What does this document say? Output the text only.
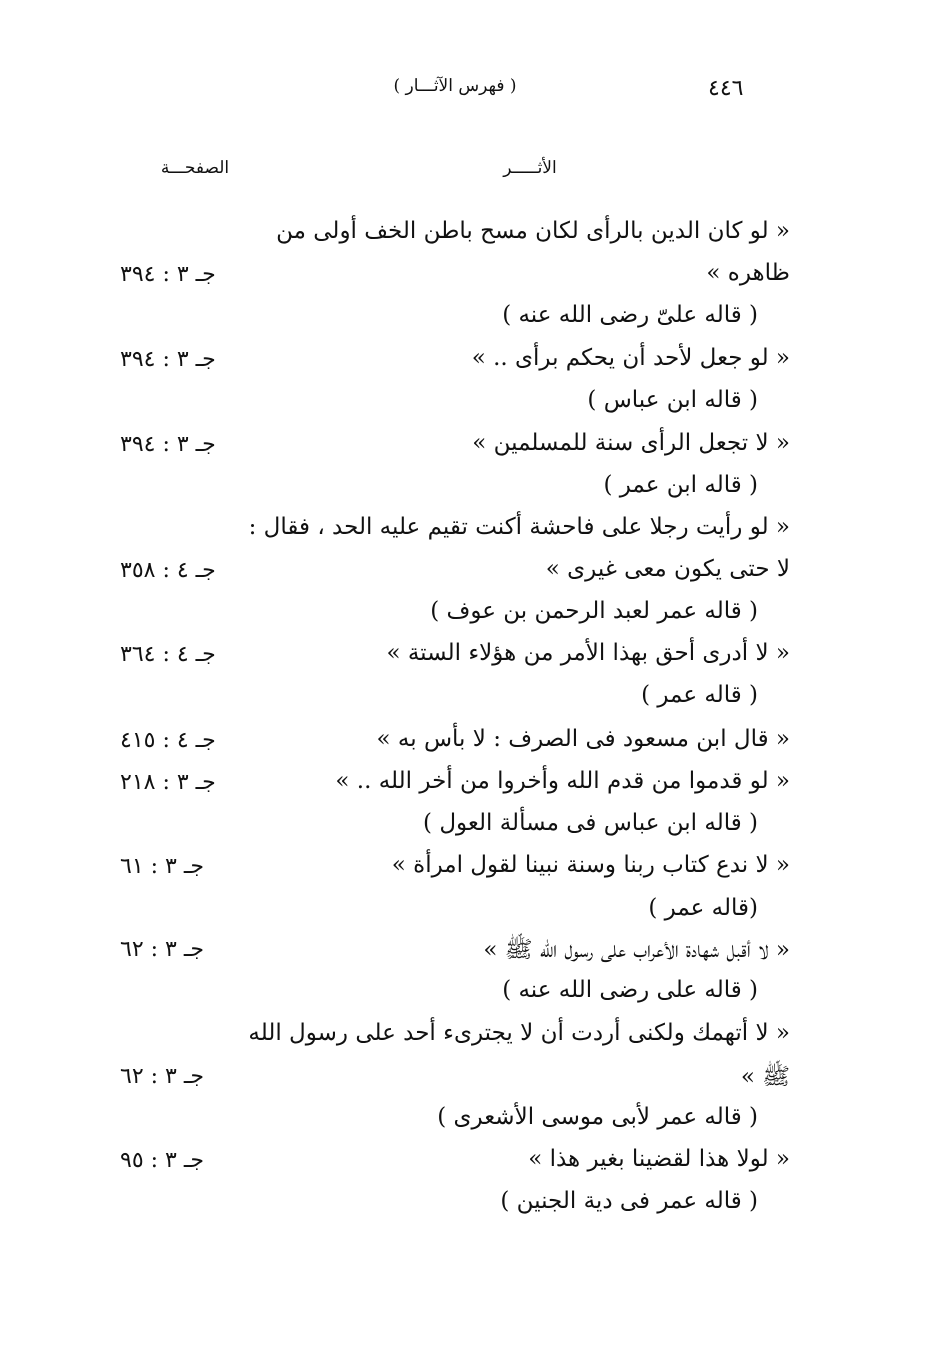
٤٤٦
( فهرس الآثـــار )
الأثـــــر
الصفحـــة
« لو كان الدين بالرأى لكان مسح باطن الخف أولى من
ظاهره »
جـ ٣ : ٣٩٤
( قاله علىّ رضى الله عنه )
« لو جعل لأحد أن يحكم برأى .. »
جـ ٣ : ٣٩٤
( قاله ابن عباس )
« لا تجعل الرأى سنة للمسلمين »
جـ ٣ : ٣٩٤
( قاله ابن عمر )
« لو رأيت رجلا على فاحشة أكنت تقيم عليه الحد ، فقال :
لا حتى يكون معى غيرى »
جـ ٤ : ٣٥٨
( قاله عمر لعبد الرحمن بن عوف )
« لا أدرى أحق بهذا الأمر من هؤلاء الستة »
جـ ٤ : ٣٦٤
( قاله عمر )
« قال ابن مسعود فى الصرف : لا بأس به »
جـ ٤ : ٤١٥
« لو قدموا من قدم الله وأخروا من أخر الله .. »
جـ ٣ : ٢١٨
( قاله ابن عباس فى مسألة العول )
« لا ندع كتاب ربنا وسنة نبينا لقول امرأة »
جـ ٣ : ٦١
(قاله عمر )
« لا أقبل شهادة الأعراب على رسول الله ﷺ »
جـ ٣ : ٦٢
( قاله على رضى الله عنه )
« لا أتهمك ولكنى أردت أن لا يجترىء أحد على رسول الله
ﷺ »
جـ ٣ : ٦٢
( قاله عمر لأبى موسى الأشعرى )
« لولا هذا لقضينا بغير هذا »
جـ ٣ : ٩٥
( قاله عمر فى دية الجنين )
